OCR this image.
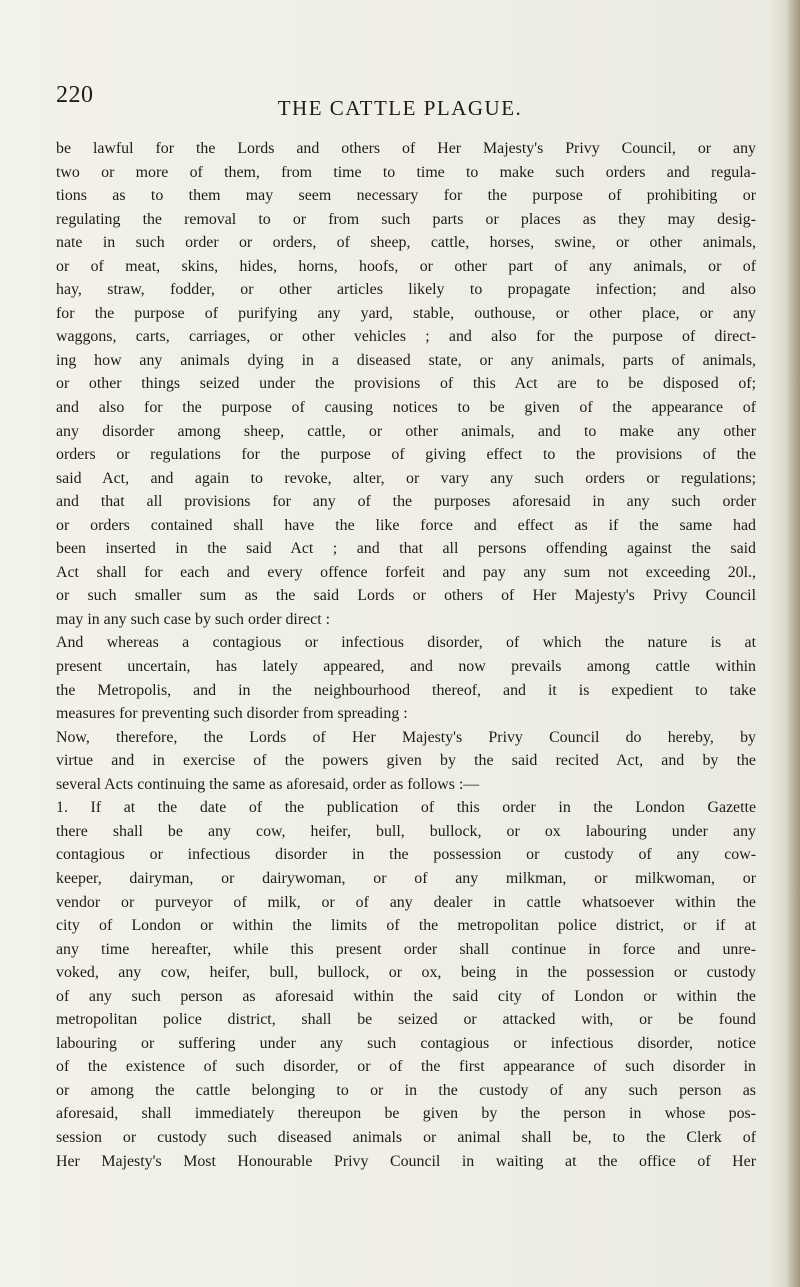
220	THE CATTLE PLAGUE.
be lawful for the Lords and others of Her Majesty's Privy Council, or any
two or more of them, from time to time to make such orders and regula-
tions as to them may seem necessary for the purpose of prohibiting or
regulating the removal to or from such parts or places as they may desig-
nate in such order or orders, of sheep, cattle, horses, swine, or other animals,
or of meat, skins, hides, horns, hoofs, or other part of any animals, or of
hay, straw, fodder, or other articles likely to propagate infection; and also
for the purpose of purifying any yard, stable, outhouse, or other place, or any
waggons, carts, carriages, or other vehicles ; and also for the purpose of direct-
ing how any animals dying in a diseased state, or any animals, parts of animals,
or other things seized under the provisions of this Act are to be disposed of;
and also for the purpose of causing notices to be given of the appearance of
any disorder among sheep, cattle, or other animals, and to make any other
orders or regulations for the purpose of giving effect to the provisions of the
said Act, and again to revoke, alter, or vary any such orders or regulations;
and that all provisions for any of the purposes aforesaid in any such order
or orders contained shall have the like force and effect as if the same had
been inserted in the said Act ; and that all persons offending against the said
Act shall for each and every offence forfeit and pay any sum not exceeding 20l.,
or such smaller sum as the said Lords or others of Her Majesty's Privy Council
may in any such case by such order direct :
And whereas a contagious or infectious disorder, of which the nature is at
present uncertain, has lately appeared, and now prevails among cattle within
the Metropolis, and in the neighbourhood thereof, and it is expedient to take
measures for preventing such disorder from spreading :
Now, therefore, the Lords of Her Majesty's Privy Council do hereby, by
virtue and in exercise of the powers given by the said recited Act, and by the
several Acts continuing the same as aforesaid, order as follows :—
1. If at the date of the publication of this order in the London Gazette
there shall be any cow, heifer, bull, bullock, or ox labouring under any
contagious or infectious disorder in the possession or custody of any cow-
keeper, dairyman, or dairywoman, or of any milkman, or milkwoman, or
vendor or purveyor of milk, or of any dealer in cattle whatsoever within the
city of London or within the limits of the metropolitan police district, or if at
any time hereafter, while this present order shall continue in force and unre-
voked, any cow, heifer, bull, bullock, or ox, being in the possession or custody
of any such person as aforesaid within the said city of London or within the
metropolitan police district, shall be seized or attacked with, or be found
labouring or suffering under any such contagious or infectious disorder, notice
of the existence of such disorder, or of the first appearance of such disorder in
or among the cattle belonging to or in the custody of any such person as
aforesaid, shall immediately thereupon be given by the person in whose pos-
session or custody such diseased animals or animal shall be, to the Clerk of
Her Majesty's Most Honourable Privy Council in waiting at the office of Her
